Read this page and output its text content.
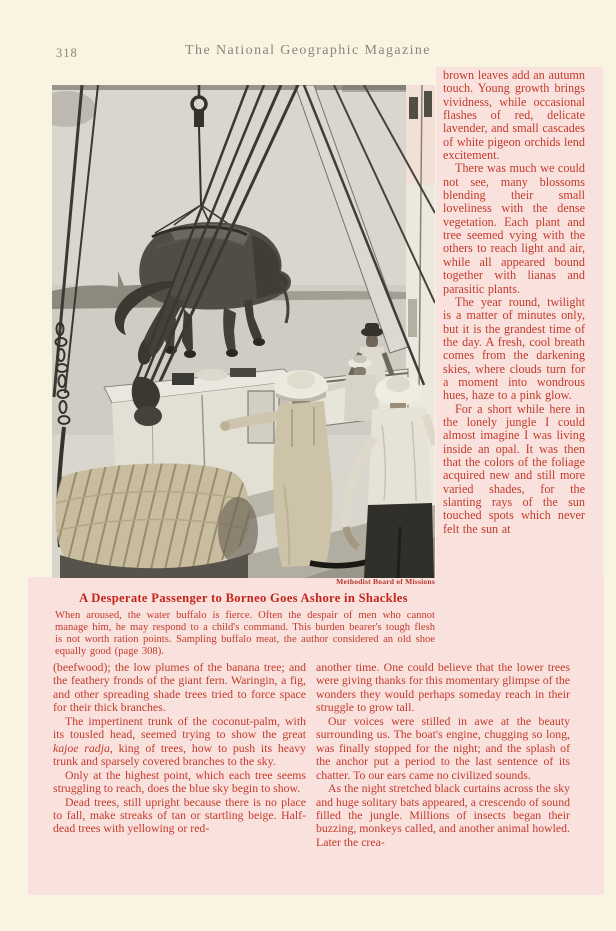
318	The National Geographic Magazine
Methodist Board of Missions
A Desperate Passenger to Borneo Goes Ashore in Shackles
When aroused, the water buffalo is fierce. Often the despair of men who cannot manage him, he may respond to a child's command. This burden bearer's tough flesh is not worth ration points. Sampling buffalo meat, the author considered an old shoe equally good (page 308).

brown leaves add an autumn touch. Young growth brings vividness, while occasional flashes of red, delicate lavender, and small cascades of white pigeon orchids lend excitement.

There was much we could not see, many blossoms blending their small loveliness with the dense vegetation. Each plant and tree seemed vying with the others to reach light and air, while all appeared bound together with lianas and parasitic plants.

The year round, twilight is a matter of minutes only, but it is the grandest time of the day. A fresh, cool breath comes from the darkening skies, where clouds turn for a moment into wondrous hues, haze to a pink glow.

For a short while here in the lonely jungle I could almost imagine I was living inside an opal. It was then that the colors of the foliage acquired new and still more varied shades, for the slanting rays of the sun touched spots which never felt the sun at

(beefwood); the low plumes of the banana tree; and the feathery fronds of the giant fern. Waringin, a fig, and other spreading shade trees tried to force space for their thick branches.

The impertinent trunk of the coconut-palm, with its tousled head, seemed trying to show the great kajoe radja, king of trees, how to push its heavy trunk and sparsely covered branches to the sky.

Only at the highest point, which each tree seems struggling to reach, does the blue sky begin to show.

Dead trees, still upright because there is no place to fall, make streaks of tan or startling beige. Half-dead trees with yellowing or red-

another time. One could believe that the lower trees were giving thanks for this momentary glimpse of the wonders they would perhaps someday reach in their struggle to grow tall.

Our voices were stilled in awe at the beauty surrounding us. The boat's engine, chugging so long, was finally stopped for the night; and the splash of the anchor put a period to the last sentence of its chatter. To our ears came no civilized sounds.

As the night stretched black curtains across the sky and huge solitary bats appeared, a crescendo of sound filled the jungle. Millions of insects began their buzzing, monkeys called, and another animal howled. Later the crea-
